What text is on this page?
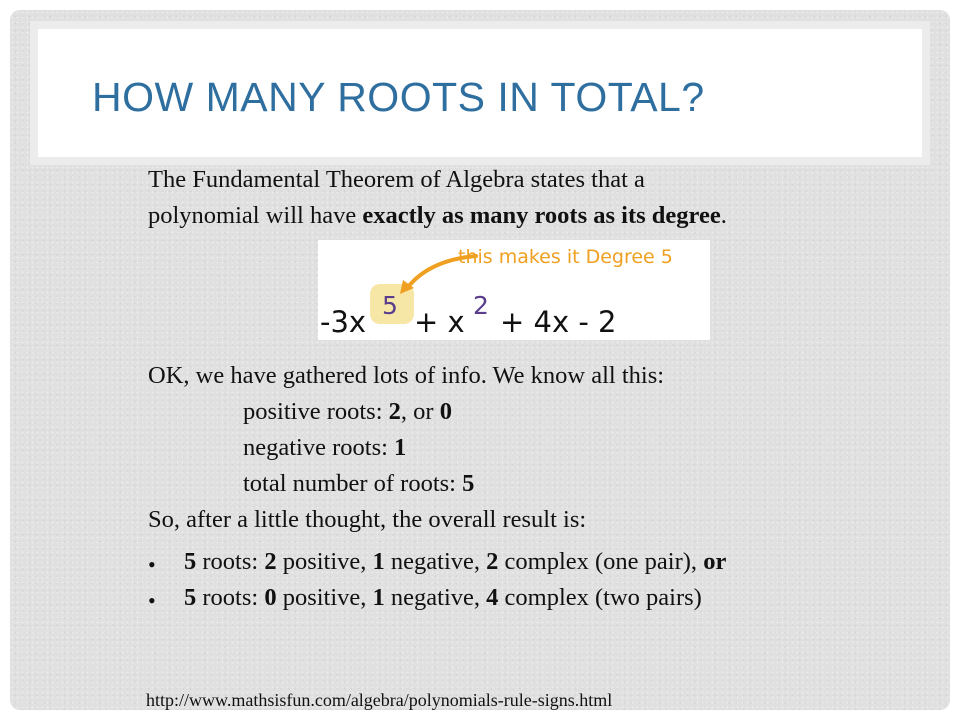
HOW MANY ROOTS IN TOTAL?
The Fundamental Theorem of Algebra states that a
polynomial will have exactly as many roots as its degree.
this makes it Degree 5
-3x 5 + x 2 + 4x - 2
OK, we have gathered lots of info. We know all this:
positive roots: 2, or 0
negative roots: 1
total number of roots: 5
So, after a little thought, the overall result is:
• 5 roots: 2 positive, 1 negative, 2 complex (one pair), or
• 5 roots: 0 positive, 1 negative, 4 complex (two pairs)
http://www.mathsisfun.com/algebra/polynomials-rule-signs.html
